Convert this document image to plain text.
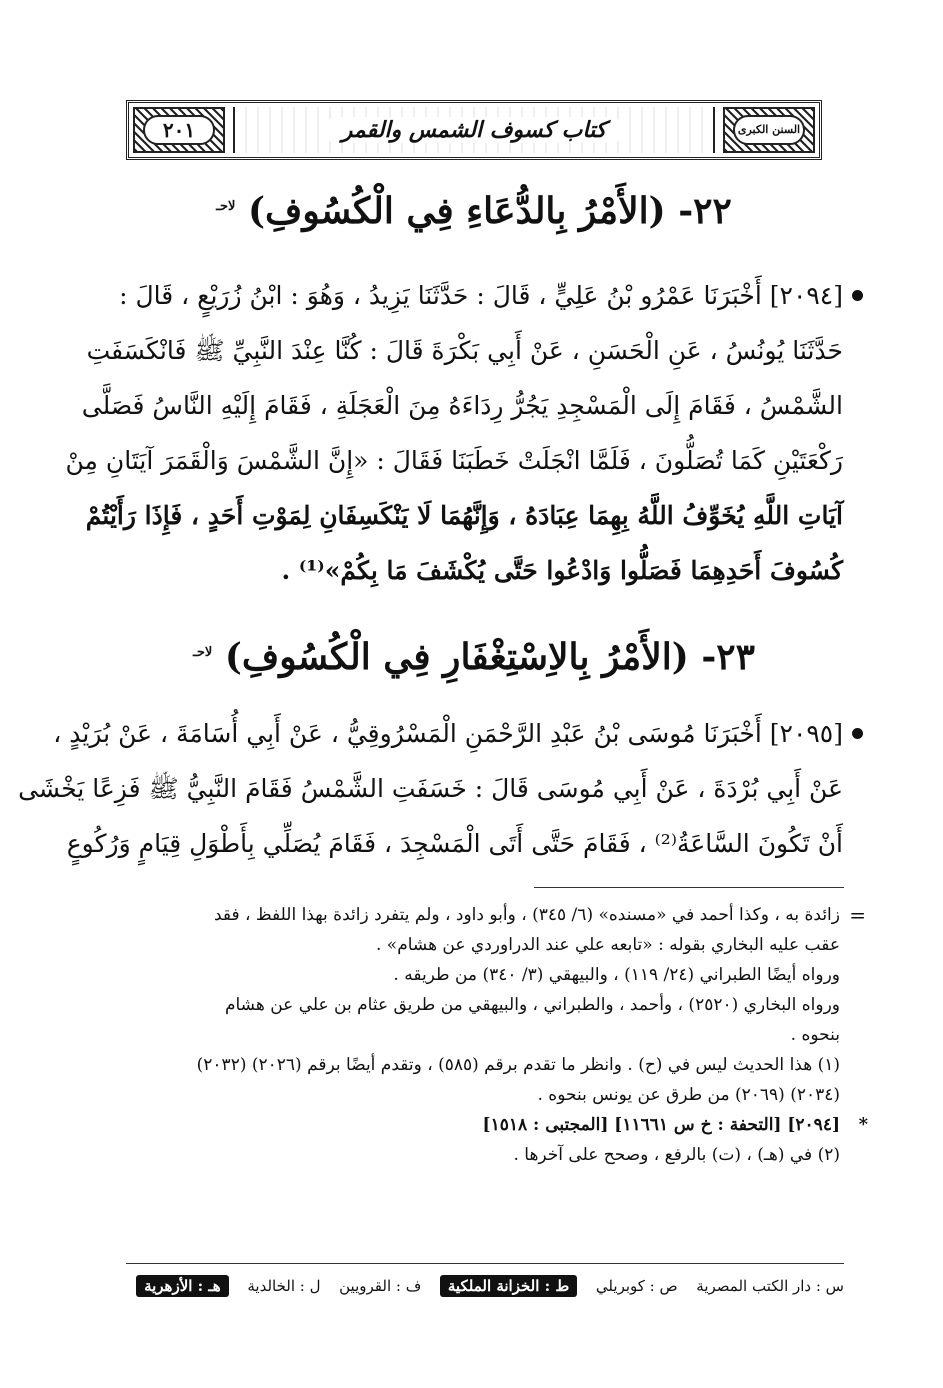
٢٠١	كتاب كسوف الشمس والقمر	السنن الكبرى
٢٢- (الأَمْرُ بِالدُّعَاءِ فِي الْكُسُوفِ) $^{لاحـ}$
[٢٠٩٤] أَخْبَرَنَا عَمْرُو بْنُ عَلِيٍّ ، قَالَ : حَدَّثَنَا يَزِيدُ ، وَهُوَ : ابْنُ زُرَيْعٍ ، قَالَ :
حَدَّثَنَا يُونُسُ ، عَنِ الْحَسَنِ ، عَنْ أَبِي بَكْرَةَ قَالَ : كُنَّا عِنْدَ النَّبِيِّ ﷺ فَانْكَسَفَتِ
الشَّمْسُ ، فَقَامَ إِلَى الْمَسْجِدِ يَجُرُّ رِدَاءَهُ مِنَ الْعَجَلَةِ ، فَقَامَ إِلَيْهِ النَّاسُ فَصَلَّى
رَكْعَتَيْنِ كَمَا تُصَلُّونَ ، فَلَمَّا انْجَلَتْ خَطَبَنَا فَقَالَ : «إِنَّ الشَّمْسَ وَالْقَمَرَ آيَتَانِ مِنْ
آيَاتِ اللَّهِ يُخَوِّفُ اللَّهُ بِهِمَا عِبَادَهُ ، وَإِنَّهُمَا لَا يَنْكَسِفَانِ لِمَوْتِ أَحَدٍ ، فَإِذَا رَأَيْتُمْ
كُسُوفَ أَحَدِهِمَا فَصَلُّوا وَادْعُوا حَتَّى يُكْشَفَ مَا بِكُمْ»⁽¹⁾ .
٢٣- (الأَمْرُ بِالاِسْتِغْفَارِ فِي الْكُسُوفِ) $^{لاحـ}$
[٢٠٩٥] أَخْبَرَنَا مُوسَى بْنُ عَبْدِ الرَّحْمَنِ الْمَسْرُوقِيُّ ، عَنْ أَبِي أُسَامَةَ ، عَنْ بُرَيْدٍ ،
عَنْ أَبِي بُرْدَةَ ، عَنْ أَبِي مُوسَى قَالَ : خَسَفَتِ الشَّمْسُ فَقَامَ النَّبِيُّ ﷺ فَزِعًا يَخْشَى
أَنْ تَكُونَ السَّاعَةُ⁽²⁾ ، فَقَامَ حَتَّى أَتَى الْمَسْجِدَ ، فَقَامَ يُصَلِّي بِأَطْوَلِ قِيَامٍ وَرُكُوعٍ
=
زائدة به ، وكذا أحمد في «مسنده» (٦/ ٣٤٥) ، وأبو داود ، ولم يتفرد زائدة بهذا اللفظ ، فقد
عقب عليه البخاري بقوله : «تابعه علي عند الدراوردي عن هشام» .
ورواه أيضًا الطبراني (٢٤/ ١١٩) ، والبيهقي (٣/ ٣٤٠) من طريقه .
ورواه البخاري (٢٥٢٠) ، وأحمد ، والطبراني ، والبيهقي من طريق عثام بن علي عن هشام
بنحوه .
(١) هذا الحديث ليس في (ح) . وانظر ما تقدم برقم (٥٨٥) ، وتقدم أيضًا برقم (٢٠٢٦) (٢٠٣٢)
(٢٠٣٤) (٢٠٦٩) من طرق عن يونس بنحوه .
*
[٢٠٩٤] [التحفة : خ س ١١٦٦١] [المجتبى : ١٥١٨]
(٢) في (هـ) ، (ت) بالرفع ، وصحح على آخرها .
س : دار الكتب المصرية
ص : كوبريلي
ط : الخزانة الملكية
ف : القرويين
ل : الخالدية
هـ : الأزهرية
